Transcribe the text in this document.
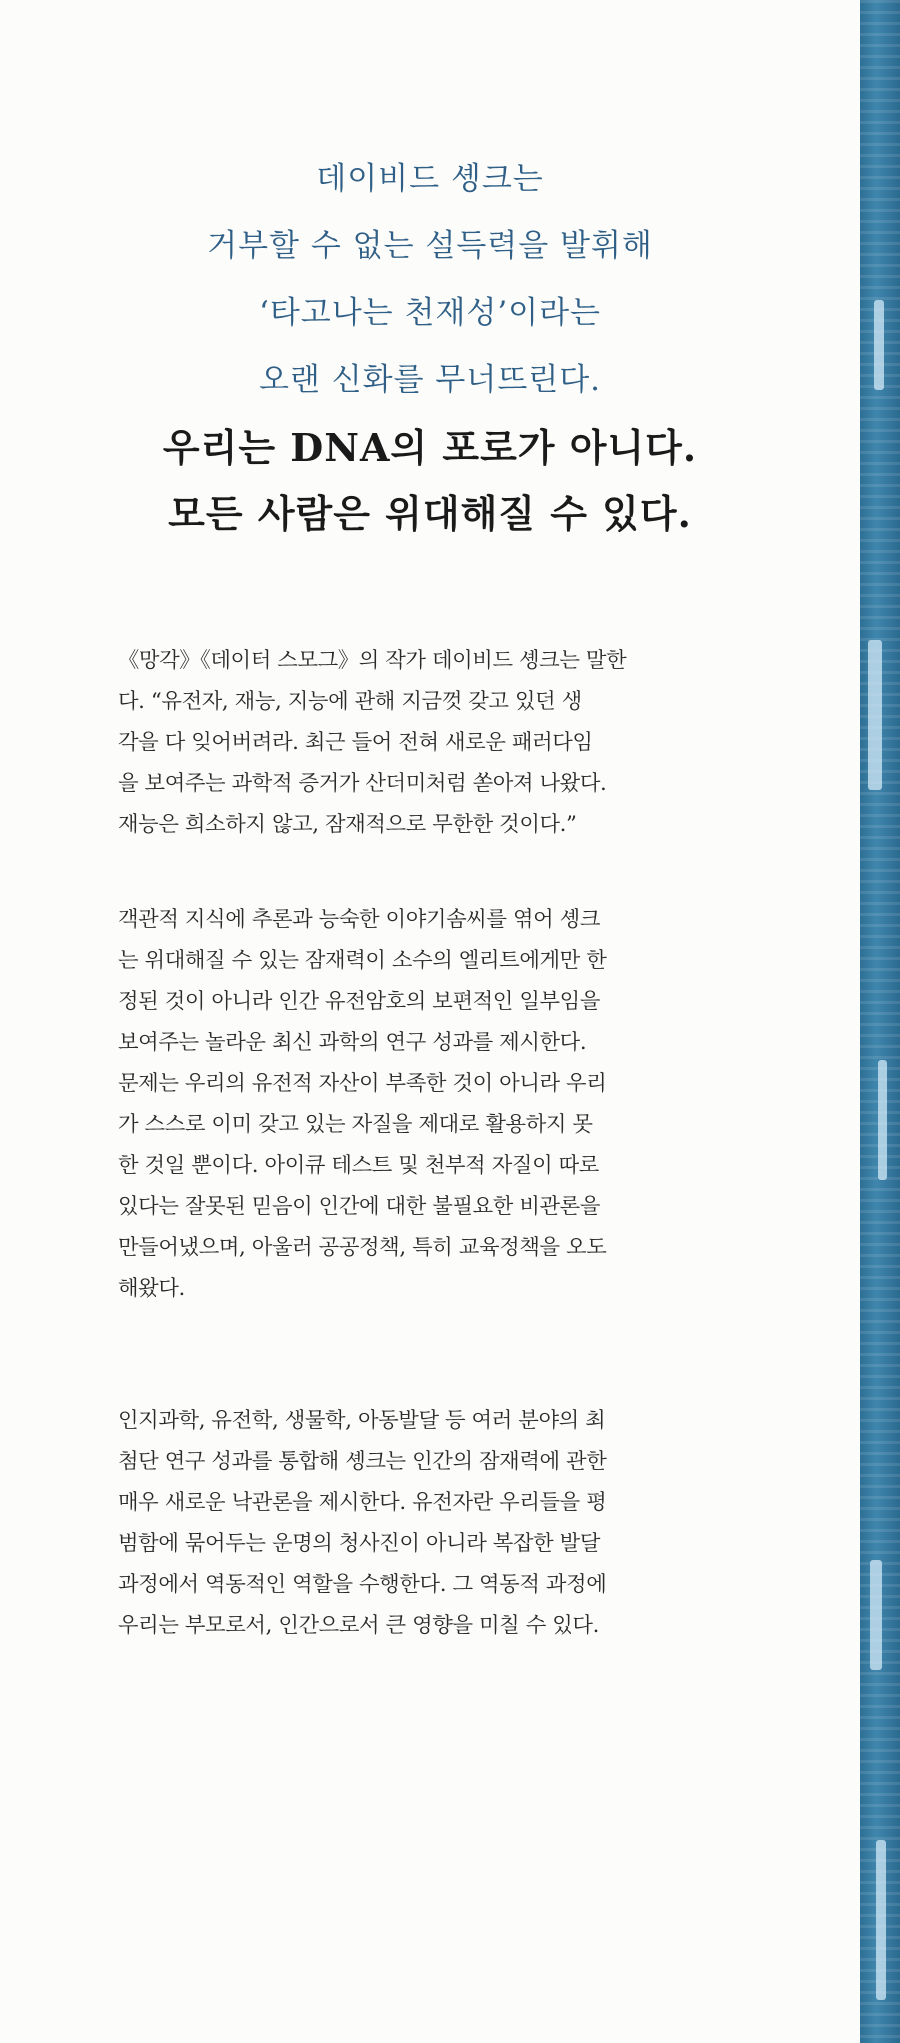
데이비드 솅크는
거부할 수 없는 설득력을 발휘해
‘타고나는 천재성’이라는
오랜 신화를 무너뜨린다.
우리는 DNA의 포로가 아니다.
모든 사람은 위대해질 수 있다.
《망각》《데이터 스모그》의 작가 데이비드 솅크는 말한
다. “유전자, 재능, 지능에 관해 지금껏 갖고 있던 생
각을 다 잊어버려라. 최근 들어 전혀 새로운 패러다임
을 보여주는 과학적 증거가 산더미처럼 쏟아져 나왔다.
재능은 희소하지 않고, 잠재적으로 무한한 것이다.”
객관적 지식에 추론과 능숙한 이야기솜씨를 엮어 솅크
는 위대해질 수 있는 잠재력이 소수의 엘리트에게만 한
정된 것이 아니라 인간 유전암호의 보편적인 일부임을
보여주는 놀라운 최신 과학의 연구 성과를 제시한다.
문제는 우리의 유전적 자산이 부족한 것이 아니라 우리
가 스스로 이미 갖고 있는 자질을 제대로 활용하지 못
한 것일 뿐이다. 아이큐 테스트 및 천부적 자질이 따로
있다는 잘못된 믿음이 인간에 대한 불필요한 비관론을
만들어냈으며, 아울러 공공정책, 특히 교육정책을 오도
해왔다.
인지과학, 유전학, 생물학, 아동발달 등 여러 분야의 최
첨단 연구 성과를 통합해 솅크는 인간의 잠재력에 관한
매우 새로운 낙관론을 제시한다. 유전자란 우리들을 평
범함에 묶어두는 운명의 청사진이 아니라 복잡한 발달
과정에서 역동적인 역할을 수행한다. 그 역동적 과정에
우리는 부모로서, 인간으로서 큰 영향을 미칠 수 있다.
